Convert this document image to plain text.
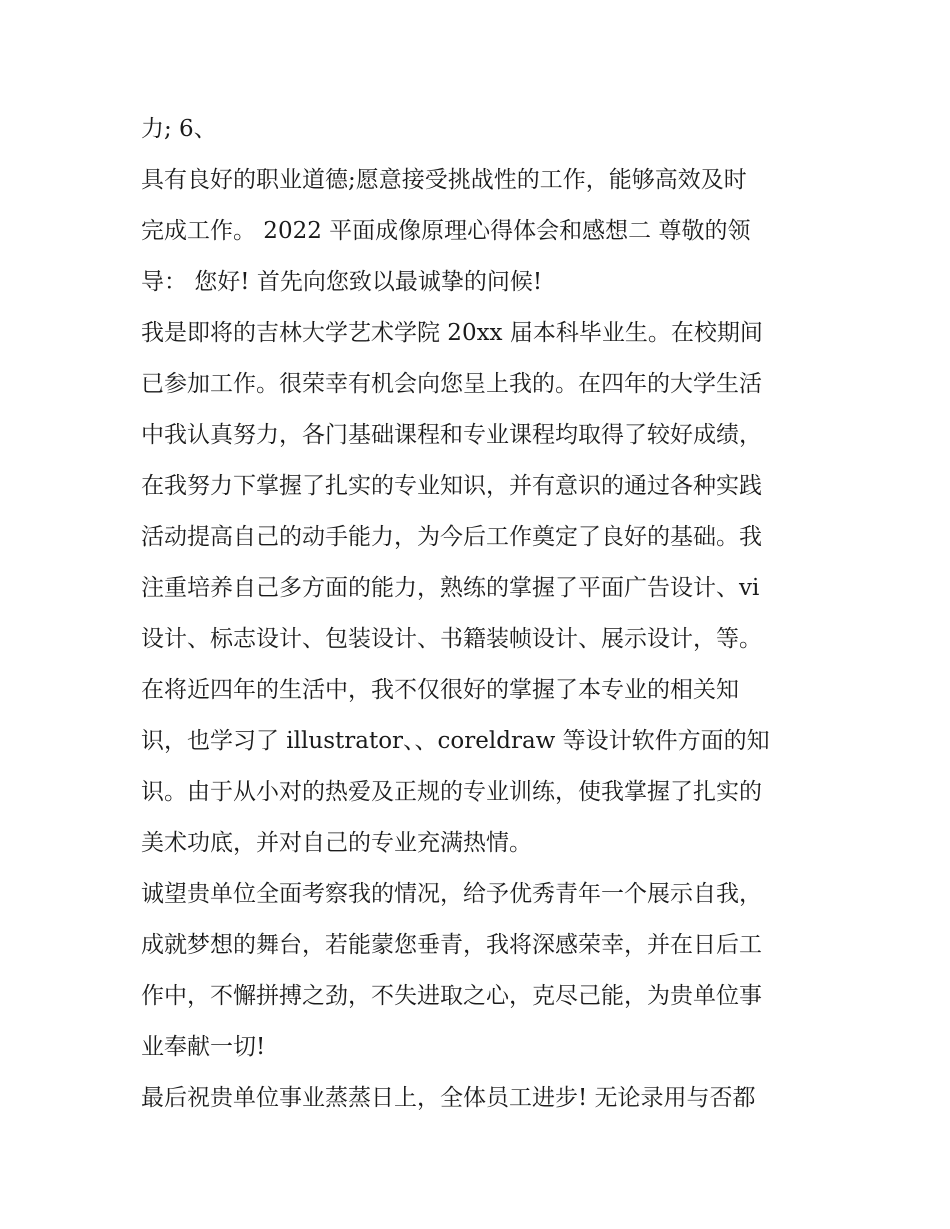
力; 6、
具有良好的职业道德;愿意接受挑战性的工作，能够高效及时
完成工作。 2022 平面成像原理心得体会和感想二 尊敬的领
导： 您好! 首先向您致以最诚挚的问候!
我是即将的吉林大学艺术学院 20xx 届本科毕业生。在校期间
已参加工作。很荣幸有机会向您呈上我的。在四年的大学生活
中我认真努力，各门基础课程和专业课程均取得了较好成绩，
在我努力下掌握了扎实的专业知识，并有意识的通过各种实践
活动提高自己的动手能力，为今后工作奠定了良好的基础。我
注重培养自己多方面的能力，熟练的掌握了平面广告设计、vi
设计、标志设计、包装设计、书籍装帧设计、展示设计，等。
在将近四年的生活中，我不仅很好的掌握了本专业的相关知
识，也学习了 illustrator、、coreldraw 等设计软件方面的知
识。由于从小对的热爱及正规的专业训练，使我掌握了扎实的
美术功底，并对自己的专业充满热情。
诚望贵单位全面考察我的情况，给予优秀青年一个展示自我，
成就梦想的舞台，若能蒙您垂青，我将深感荣幸，并在日后工
作中，不懈拼搏之劲，不失进取之心，克尽己能，为贵单位事
业奉献一切!
最后祝贵单位事业蒸蒸日上，全体员工进步! 无论录用与否都
